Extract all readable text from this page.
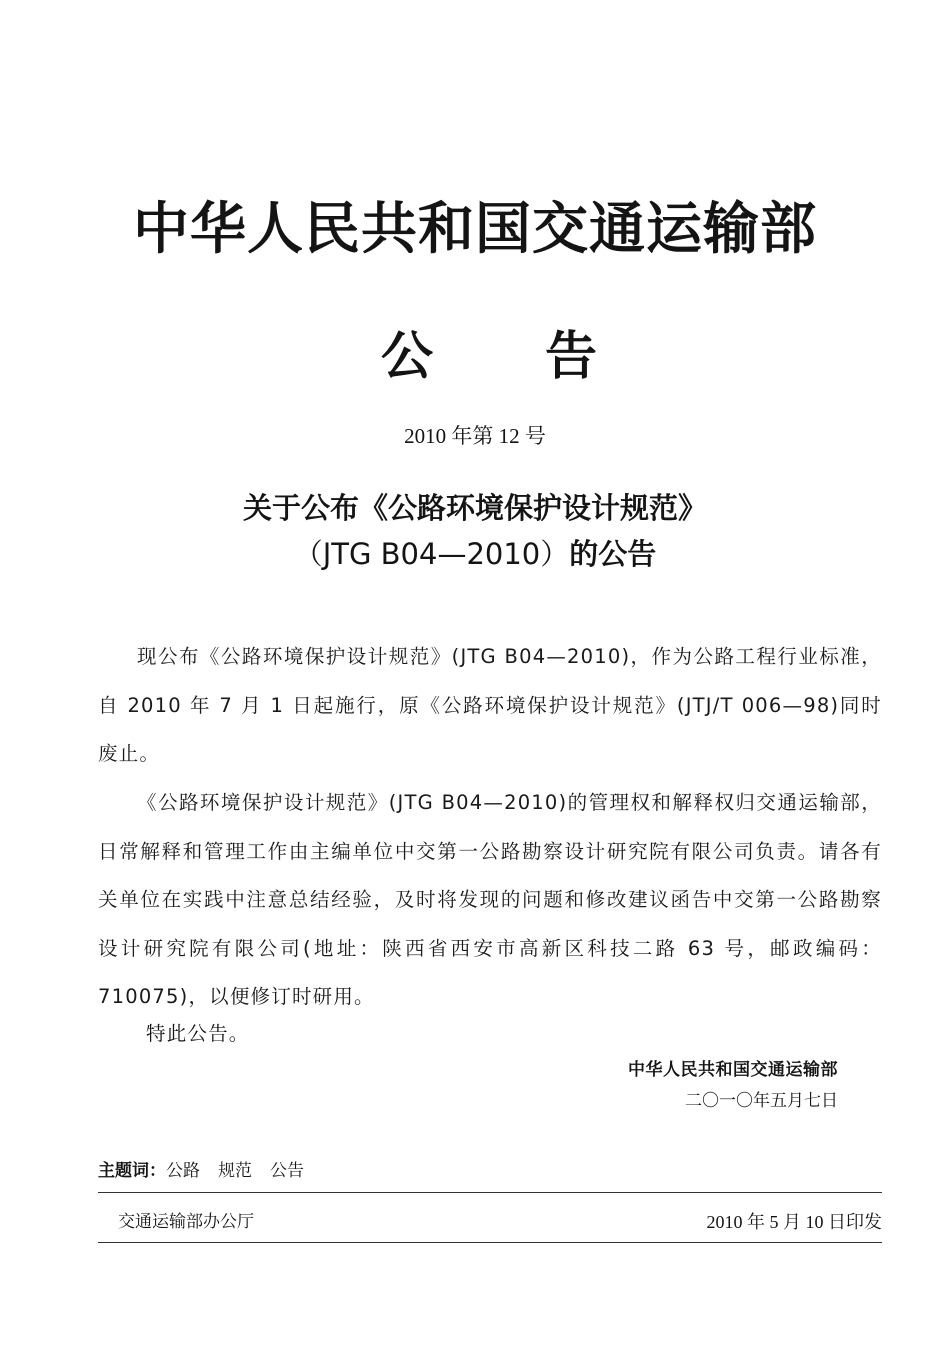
中华人民共和国交通运输部
公 告
2010 年第 12 号
关于公布《公路环境保护设计规范》
（JTG B04—2010）的公告

现公布《公路环境保护设计规范》(JTG B04—2010)，作为公路工程行业标准，自 2010 年 7 月 1 日起施行，原《公路环境保护设计规范》(JTJ/T 006—98)同时废止。

《公路环境保护设计规范》(JTG B04—2010)的管理权和解释权归交通运输部，日常解释和管理工作由主编单位中交第一公路勘察设计研究院有限公司负责。请各有关单位在实践中注意总结经验，及时将发现的问题和修改建议函告中交第一公路勘察设计研究院有限公司(地址：陕西省西安市高新区科技二路 63 号，邮政编码：710075)，以便修订时研用。

特此公告。
中华人民共和国交通运输部
二〇一〇年五月七日
主题词：公路 规范 公告
交通运输部办公厅	2010 年 5 月 10 日印发
